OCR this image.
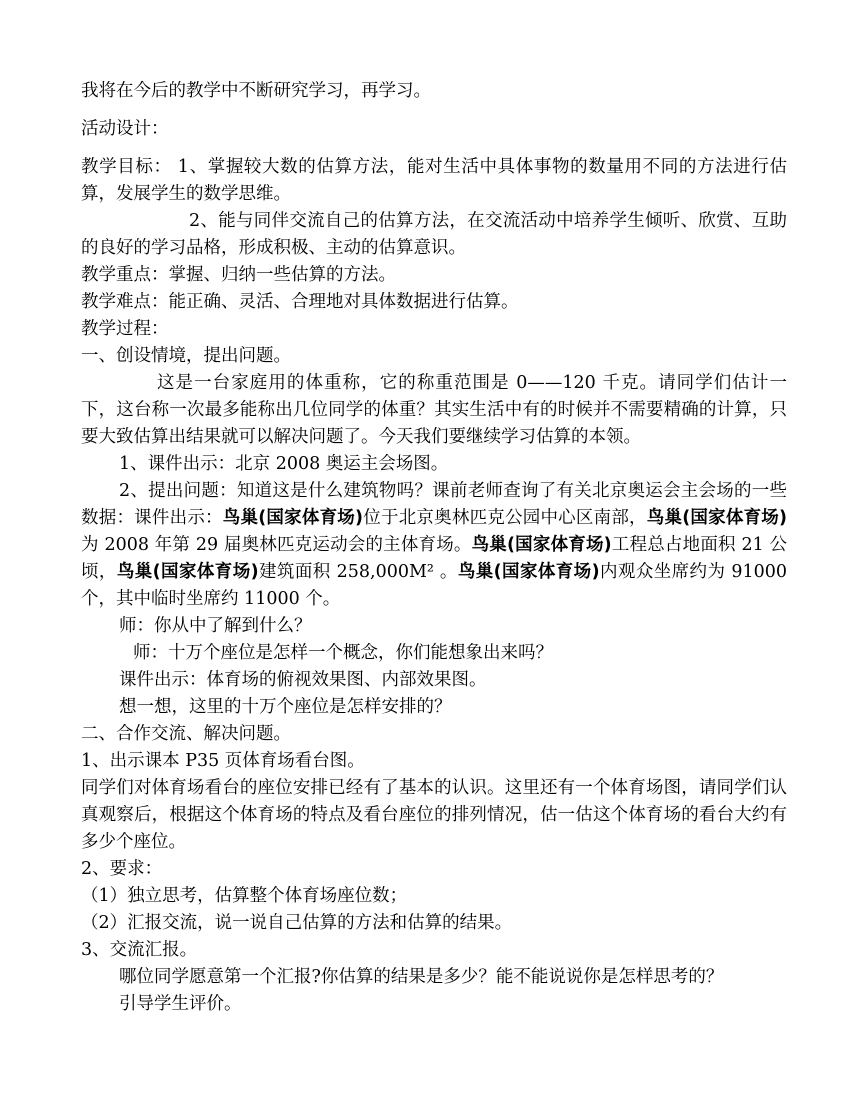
我将在今后的教学中不断研究学习，再学习。

活动设计：

教学目标： 1、掌握较大数的估算方法，能对生活中具体事物的数量用不同的方法进行估算，发展学生的数学思维。

2、能与同伴交流自己的估算方法，在交流活动中培养学生倾听、欣赏、互助的良好的学习品格，形成积极、主动的估算意识。

教学重点：掌握、归纳一些估算的方法。

教学难点：能正确、灵活、合理地对具体数据进行估算。

教学过程：

一、创设情境，提出问题。

这是一台家庭用的体重称，它的称重范围是 0——120 千克。请同学们估计一下，这台称一次最多能称出几位同学的体重？其实生活中有的时候并不需要精确的计算，只要大致估算出结果就可以解决问题了。今天我们要继续学习估算的本领。

1、课件出示：北京 2008 奥运主会场图。

2、提出问题：知道这是什么建筑物吗？课前老师查询了有关北京奥运会主会场的一些数据：课件出示：鸟巢(国家体育场)位于北京奥林匹克公园中心区南部，鸟巢(国家体育场)为 2008 年第 29 届奥林匹克运动会的主体育场。鸟巢(国家体育场)工程总占地面积 21 公顷，鸟巢(国家体育场)建筑面积 258,000M² 。鸟巢(国家体育场)内观众坐席约为 91000 个，其中临时坐席约 11000 个。

师：你从中了解到什么？

师：十万个座位是怎样一个概念，你们能想象出来吗？

课件出示：体育场的俯视效果图、内部效果图。

想一想，这里的十万个座位是怎样安排的？

二、合作交流、解决问题。

1、出示课本 P35 页体育场看台图。

同学们对体育场看台的座位安排已经有了基本的认识。这里还有一个体育场图，请同学们认真观察后，根据这个体育场的特点及看台座位的排列情况，估一估这个体育场的看台大约有多少个座位。

2、要求：

（1）独立思考，估算整个体育场座位数；

（2）汇报交流，说一说自己估算的方法和估算的结果。

3、交流汇报。

哪位同学愿意第一个汇报?你估算的结果是多少？能不能说说你是怎样思考的？

引导学生评价。
